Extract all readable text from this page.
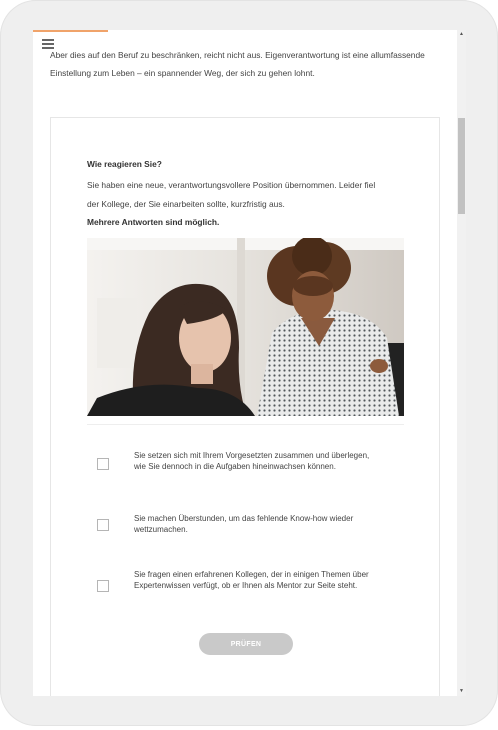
Aber dies auf den Beruf zu beschränken, reicht nicht aus. Eigenverantwortung ist eine allumfassende Einstellung zum Leben – ein spannender Weg, der sich zu gehen lohnt.
Wie reagieren Sie?
Sie haben eine neue, verantwortungsvollere Position übernommen. Leider fiel der Kollege, der Sie einarbeiten sollte, kurzfristig aus.
Mehrere Antworten sind möglich.
Sie setzen sich mit Ihrem Vorgesetzten zusammen und überlegen, wie Sie dennoch in die Aufgaben hineinwachsen können.
Sie machen Überstunden, um das fehlende Know-how wieder wettzumachen.
Sie fragen einen erfahrenen Kollegen, der in einigen Themen über Expertenwissen verfügt, ob er Ihnen als Mentor zur Seite steht.
PRÜFEN
▲
▼
